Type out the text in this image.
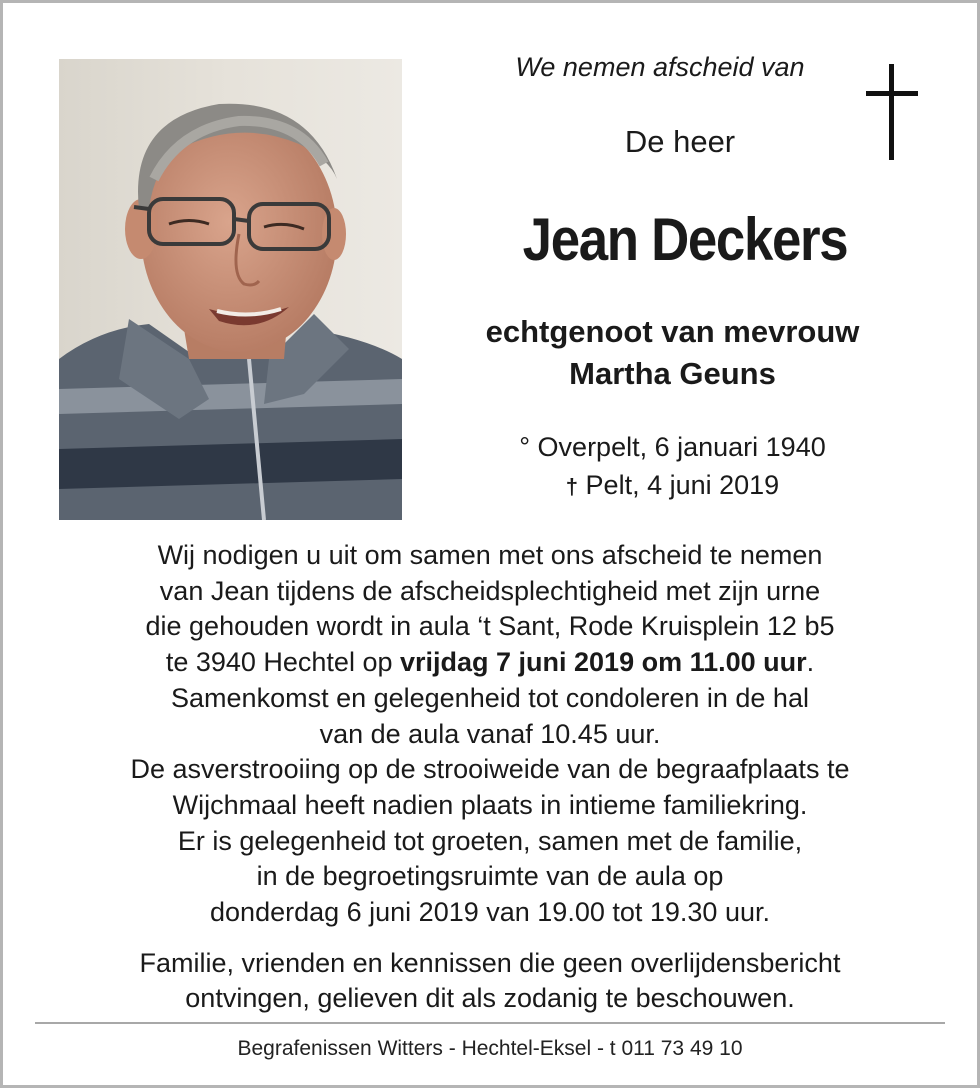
We nemen afscheid van
De heer
Jean Deckers
echtgenoot van mevrouw
Martha Geuns
° Overpelt, 6 januari 1940
† Pelt, 4 juni 2019
Wij nodigen u uit om samen met ons afscheid te nemen
van Jean tijdens de afscheidsplechtigheid met zijn urne
die gehouden wordt in aula ‘t Sant, Rode Kruisplein 12 b5
te 3940 Hechtel op vrijdag 7 juni 2019 om 11.00 uur.
Samenkomst en gelegenheid tot condoleren in de hal
van de aula vanaf 10.45 uur.
De asverstrooiing op de strooiweide van de begraafplaats te
Wijchmaal heeft nadien plaats in intieme familiekring.
Er is gelegenheid tot groeten, samen met de familie,
in de begroetingsruimte van de aula op
donderdag 6 juni 2019 van 19.00 tot 19.30 uur.
Familie, vrienden en kennissen die geen overlijdensbericht
ontvingen, gelieven dit als zodanig te beschouwen.
Begrafenissen Witters - Hechtel-Eksel - t 011 73 49 10
